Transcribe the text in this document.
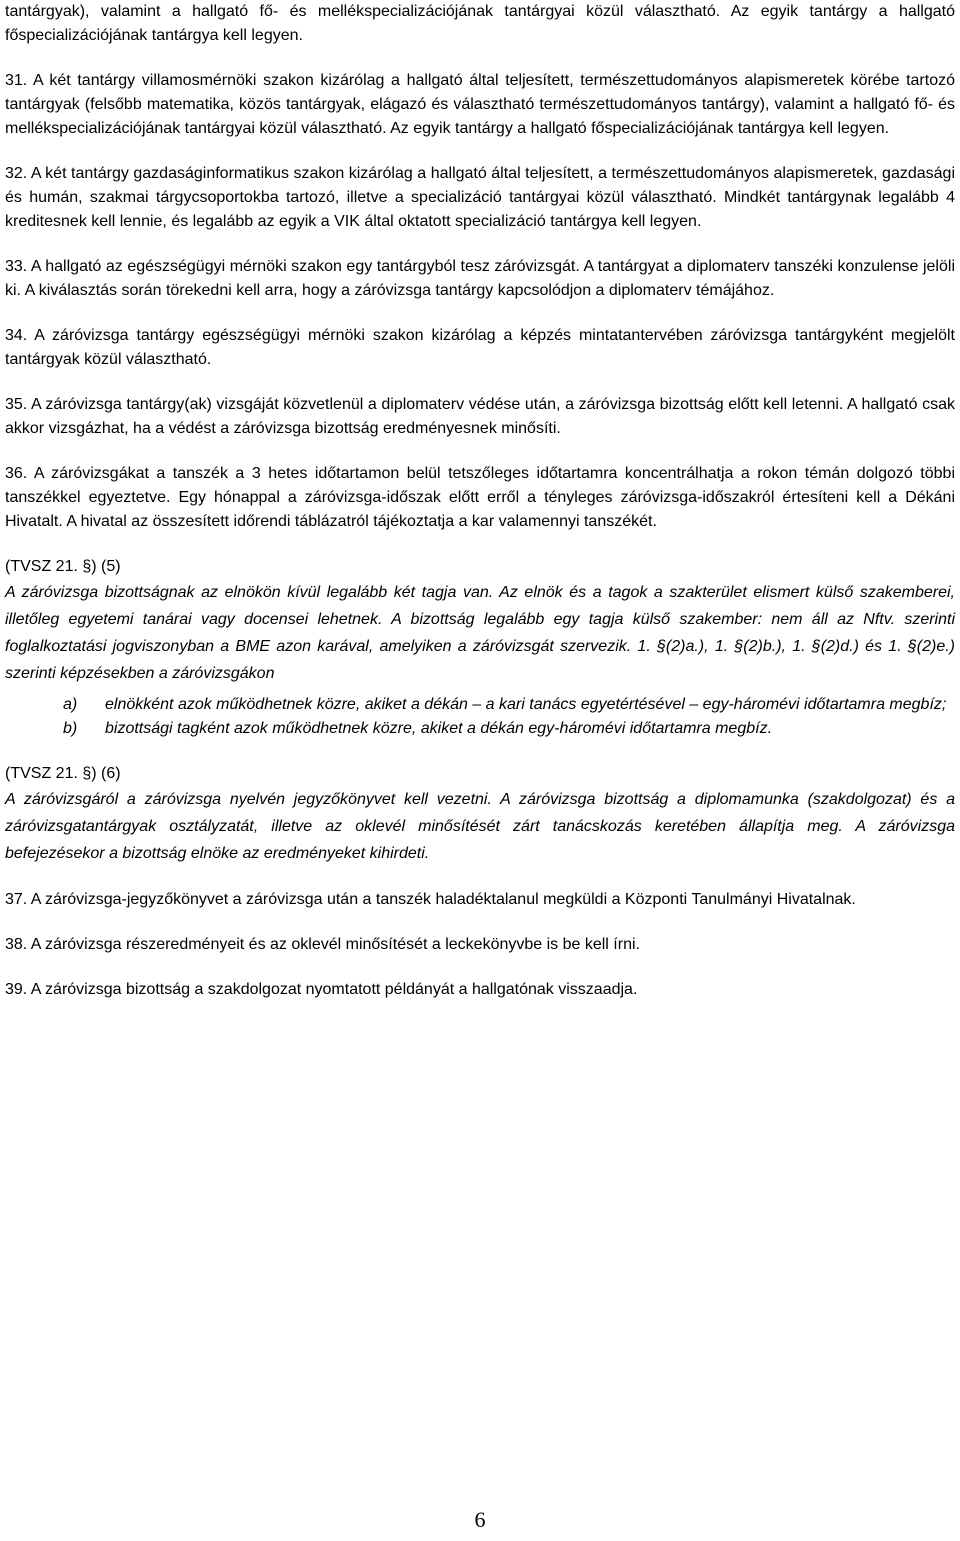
tantárgyak), valamint a hallgató fő- és mellékspecializációjának tantárgyai közül választható. Az egyik tantárgy a hallgató főspecializációjának tantárgya kell legyen.

31. A két tantárgy villamosmérnöki szakon kizárólag a hallgató által teljesített, természettudományos alapismeretek körébe tartozó tantárgyak (felsőbb matematika, közös tantárgyak, elágazó és választható természettudományos tantárgy), valamint a hallgató fő- és mellékspecializációjának tantárgyai közül választható. Az egyik tantárgy a hallgató főspecializációjának tantárgya kell legyen.

32. A két tantárgy gazdaságinformatikus szakon kizárólag a hallgató által teljesített, a természettudományos alapismeretek, gazdasági és humán, szakmai tárgycsoportokba tartozó, illetve a specializáció tantárgyai közül választható. Mindkét tantárgynak legalább 4 kreditesnek kell lennie, és legalább az egyik a VIK által oktatott specializáció tantárgya kell legyen.

33. A hallgató az egészségügyi mérnöki szakon egy tantárgyból tesz záróvizsgát. A tantárgyat a diplomaterv tanszéki konzulense jelöli ki. A kiválasztás során törekedni kell arra, hogy a záróvizsga tantárgy kapcsolódjon a diplomaterv témájához.

34. A záróvizsga tantárgy egészségügyi mérnöki szakon kizárólag a képzés mintatantervében záróvizsga tantárgyként megjelölt tantárgyak közül választható.

35. A záróvizsga tantárgy(ak) vizsgáját közvetlenül a diplomaterv védése után, a záróvizsga bizottság előtt kell letenni. A hallgató csak akkor vizsgázhat, ha a védést a záróvizsga bizottság eredményesnek minősíti.

36. A záróvizsgákat a tanszék a 3 hetes időtartamon belül tetszőleges időtartamra koncentrálhatja a rokon témán dolgozó többi tanszékkel egyeztetve. Egy hónappal a záróvizsga-időszak előtt erről a tényleges záróvizsga-időszakról értesíteni kell a Dékáni Hivatalt. A hivatal az összesített időrendi táblázatról tájékoztatja a kar valamennyi tanszékét.

(TVSZ 21. §) (5)

A záróvizsga bizottságnak az elnökön kívül legalább két tagja van. Az elnök és a tagok a szakterület elismert külső szakemberei, illetőleg egyetemi tanárai vagy docensei lehetnek. A bizottság legalább egy tagja külső szakember: nem áll az Nftv. szerinti foglalkoztatási jogviszonyban a BME azon karával, amelyiken a záróvizsgát szervezik. 1. §(2)a.), 1. §(2)b.), 1. §(2)d.) és 1. §(2)e.) szerinti képzésekben a záróvizsgákon

a)	elnökként azok működhetnek közre, akiket a dékán – a kari tanács egyetértésével – egy-háromévi időtartamra megbíz;
b)	bizottsági tagként azok működhetnek közre, akiket a dékán egy-háromévi időtartamra megbíz.

(TVSZ 21. §) (6)

A záróvizsgáról a záróvizsga nyelvén jegyzőkönyvet kell vezetni. A záróvizsga bizottság a diplomamunka (szakdolgozat) és a záróvizsgatantárgyak osztályzatát, illetve az oklevél minősítését zárt tanácskozás keretében állapítja meg. A záróvizsga befejezésekor a bizottság elnöke az eredményeket kihirdeti.

37. A záróvizsga-jegyzőkönyvet a záróvizsga után a tanszék haladéktalanul megküldi a Központi Tanulmányi Hivatalnak.

38. A záróvizsga részeredményeit és az oklevél minősítését a leckekönyvbe is be kell írni.

39. A záróvizsga bizottság a szakdolgozat nyomtatott példányát a hallgatónak visszaadja.

6
